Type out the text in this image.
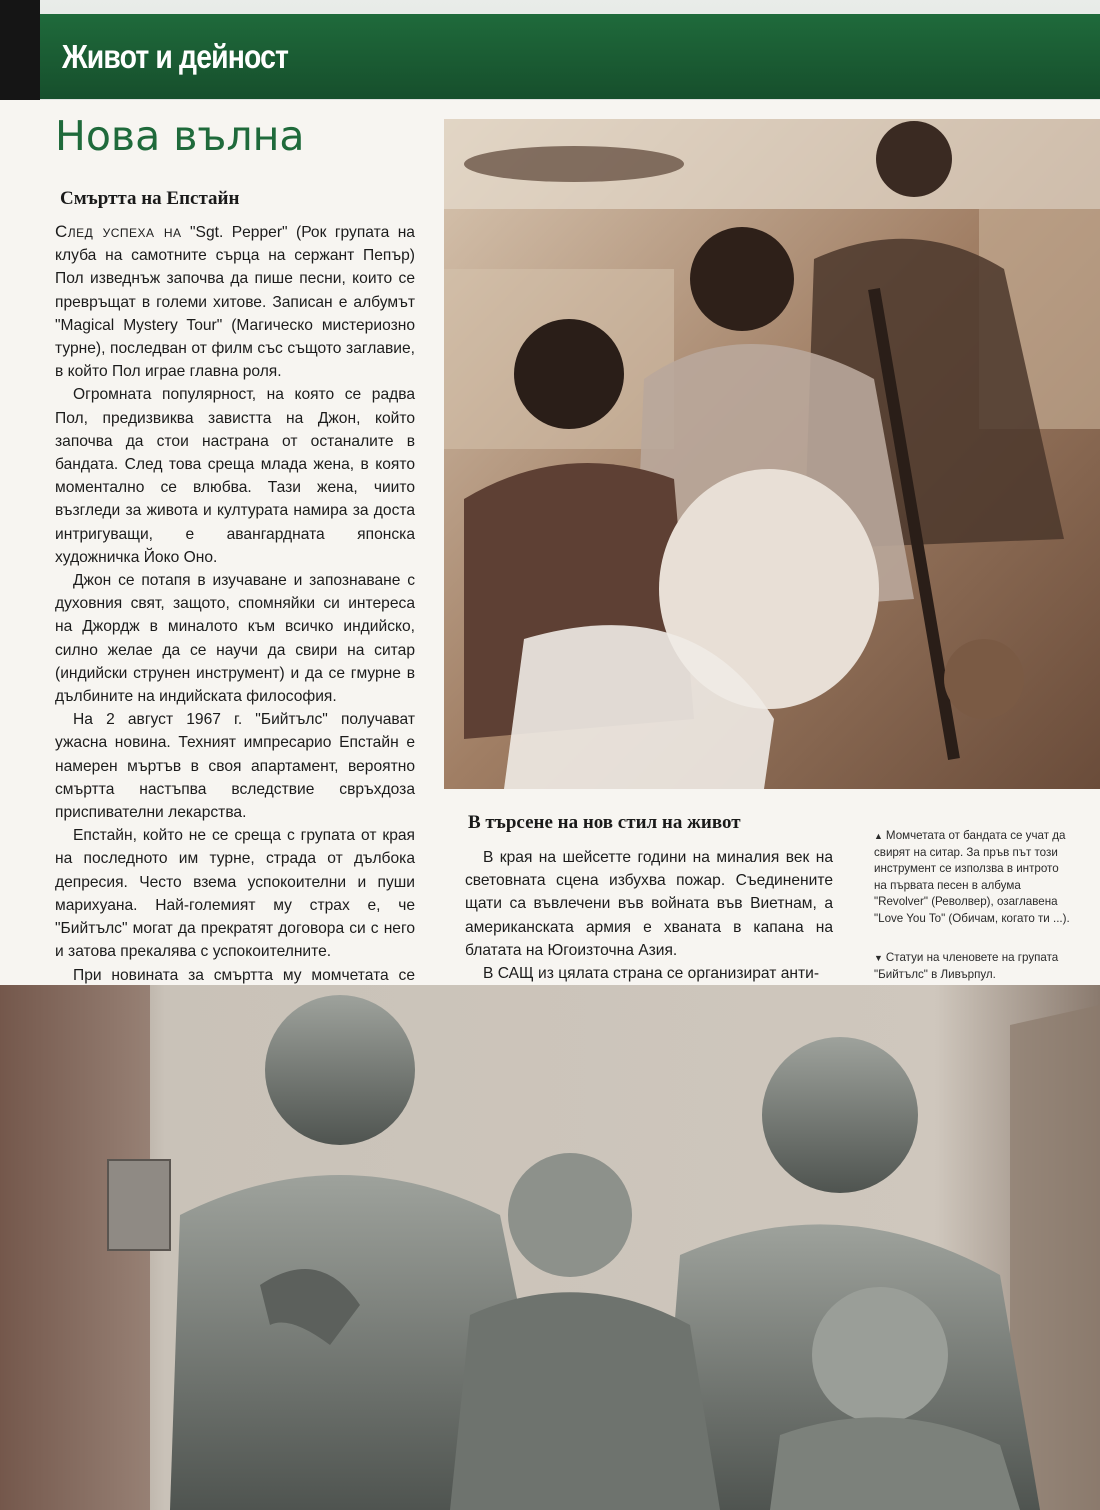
Живот и дейност
Нова вълна
Смъртта на Епстайн

След успеха на "Sgt. Pepper" (Рок групата на клуба на самотните сърца на сержант Пепър) Пол изведнъж започва да пише песни, които се превръщат в големи хитове. Записан е албумът "Magical Mystery Tour" (Магическо мистериозно турне), последван от филм със същото заглавие, в който Пол играе главна роля.

Огромната популярност, на която се радва Пол, предизвиква завистта на Джон, който започва да стои настрана от останалите в бандата. След това среща млада жена, в която моментално се влюбва. Тази жена, чиито възгледи за живота и културата намира за доста интригуващи, е авангардната японска художничка Йоко Оно.

Джон се потапя в изучаване и запознаване с духовния свят, защото, спомняйки си интереса на Джордж в миналото към всичко индийско, силно желае да се научи да свири на ситар (индийски струнен инструмент) и да се гмурне в дълбините на индийската философия.

На 2 август 1967 г. "Бийтълс" получават ужасна новина. Техният импресарио Епстайн е намерен мъртъв в своя апартамент, вероятно смъртта настъпва вследствие свръхдоза приспивателни лекарства.

Епстайн, който не се среща с групата от края на последното им турне, страда от дълбока депресия. Често взема успокоителни и пуши марихуана. Най-големият му страх е, че "Бийтълс" могат да прекратят договора си с него и затова прекалява с успокоителните.

При новината за смъртта му момчетата се

В търсене на нов стил на живот

В края на шейсетте години на миналия век на световната сцена избухва пожар. Съединените щати са въвлечени във войната във Виетнам, а американската армия е хваната в капана на блатата на Югоизточна Азия.

В САЩ из цялата страна се организират анти-

▲ Момчетата от бандата се учат да свирят на ситар. За пръв път този инструмент се използва в интрото на първата песен в албума "Revolver" (Револвер), озаглавена "Love You To" (Обичам, когато ти ...).
▼ Статуи на членовете на групата "Бийтълс" в Ливърпул.
